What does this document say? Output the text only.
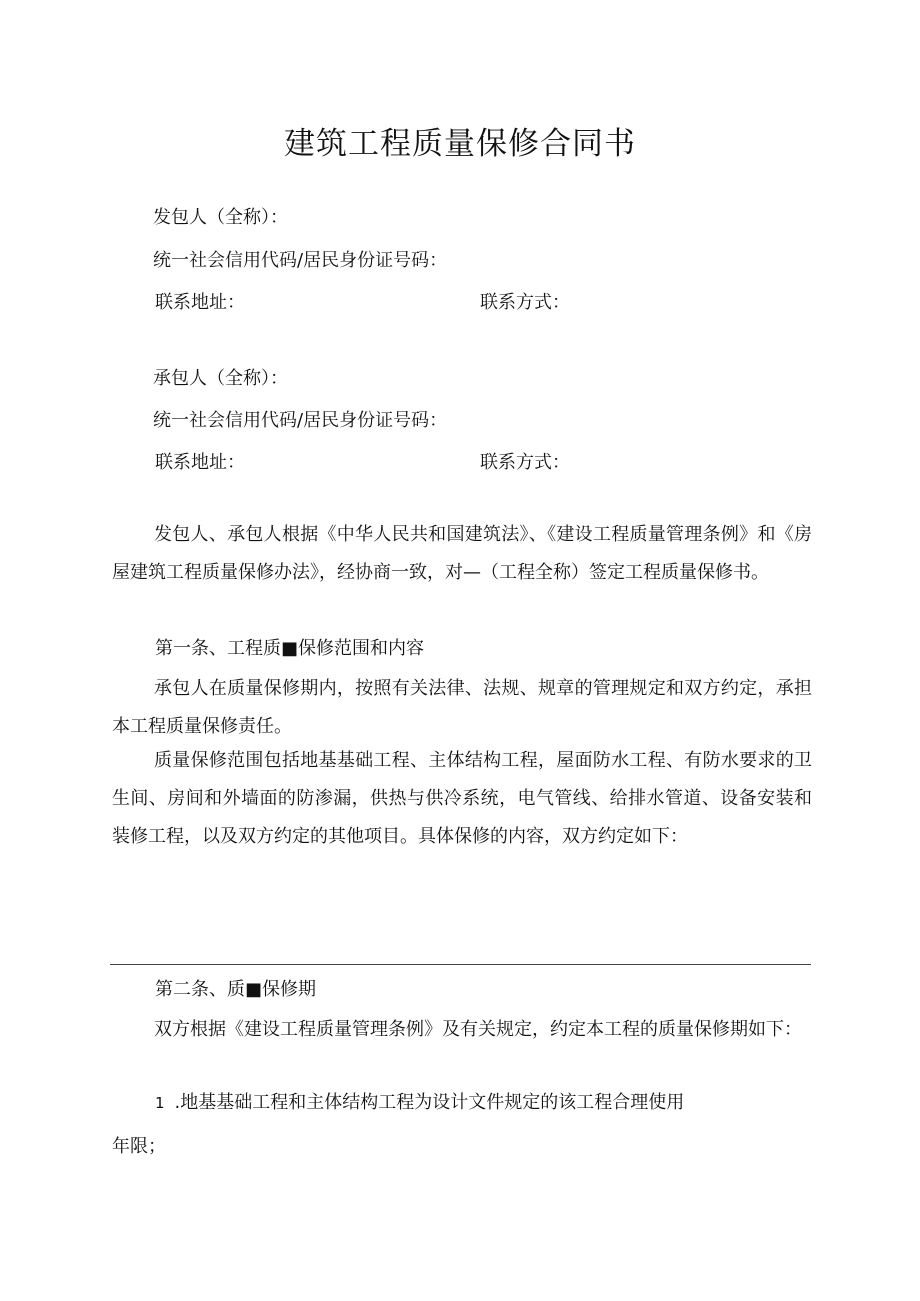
建筑工程质量保修合同书
发包人（全称）：
统一社会信用代码/居民身份证号码：
联系地址：	联系方式：
承包人（全称）：
统一社会信用代码/居民身份证号码：
联系地址：	联系方式：

发包人、承包人根据《中华人民共和国建筑法》、《建设工程质量管理条例》和《房屋建筑工程质量保修办法》，经协商一致，对—（工程全称）签定工程质量保修书。

第一条、工程质■保修范围和内容

承包人在质量保修期内，按照有关法律、法规、规章的管理规定和双方约定，承担本工程质量保修责任。

质量保修范围包括地基基础工程、主体结构工程，屋面防水工程、有防水要求的卫生间、房间和外墙面的防渗漏，供热与供冷系统，电气管线、给排水管道、设备安装和装修工程，以及双方约定的其他项目。具体保修的内容，双方约定如下：

第二条、质■保修期

双方根据《建设工程质量管理条例》及有关规定，约定本工程的质量保修期如下：

1 .地基基础工程和主体结构工程为设计文件规定的该工程合理使用
年限；
